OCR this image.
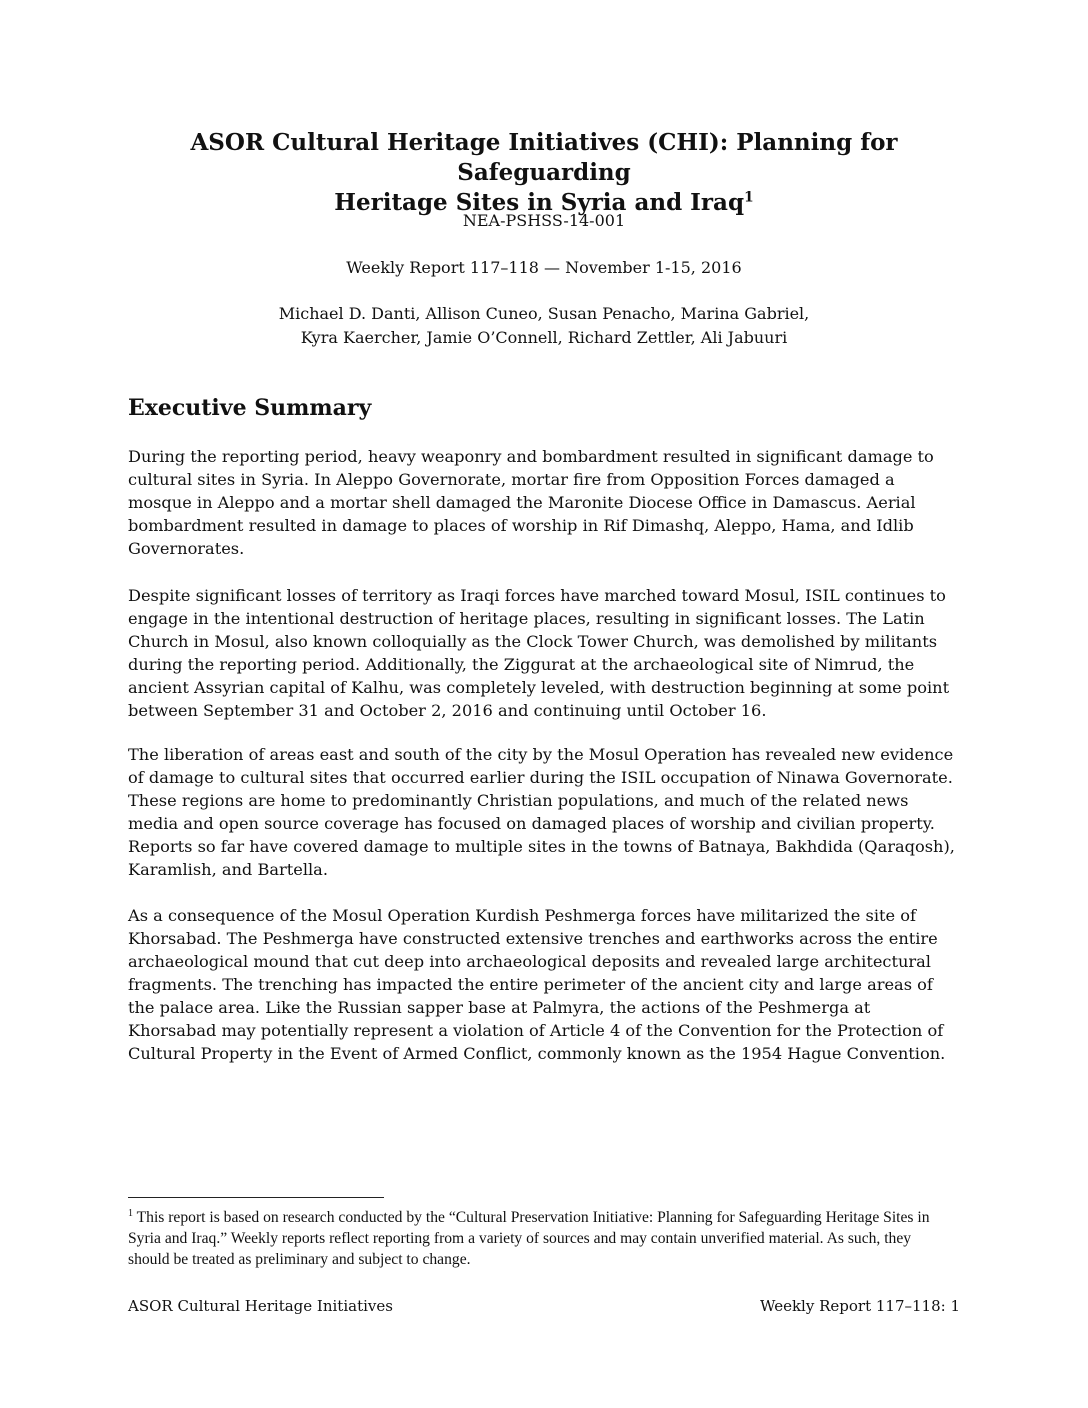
ASOR Cultural Heritage Initiatives (CHI): Planning for Safeguarding
Heritage Sites in Syria and Iraq$^1$
NEA-PSHSS-14-001
Weekly Report 117–118 — November 1-15, 2016
Michael D. Danti, Allison Cuneo, Susan Penacho, Marina Gabriel,
Kyra Kaercher, Jamie O’Connell, Richard Zettler, Ali Jabuuri
Executive Summary

During the reporting period, heavy weaponry and bombardment resulted in significant damage to cultural sites in Syria. In Aleppo Governorate, mortar fire from Opposition Forces damaged a mosque in Aleppo and a mortar shell damaged the Maronite Diocese Office in Damascus. Aerial bombardment resulted in damage to places of worship in Rif Dimashq, Aleppo, Hama, and Idlib Governorates.

Despite significant losses of territory as Iraqi forces have marched toward Mosul, ISIL continues to engage in the intentional destruction of heritage places, resulting in significant losses. The Latin Church in Mosul, also known colloquially as the Clock Tower Church, was demolished by militants during the reporting period. Additionally, the Ziggurat at the archaeological site of Nimrud, the ancient Assyrian capital of Kalhu, was completely leveled, with destruction beginning at some point between September 31 and October 2, 2016 and continuing until October 16.

The liberation of areas east and south of the city by the Mosul Operation has revealed new evidence of damage to cultural sites that occurred earlier during the ISIL occupation of Ninawa Governorate. These regions are home to predominantly Christian populations, and much of the related news media and open source coverage has focused on damaged places of worship and civilian property. Reports so far have covered damage to multiple sites in the towns of Batnaya, Bakhdida (Qaraqosh), Karamlish, and Bartella.

As a consequence of the Mosul Operation Kurdish Peshmerga forces have militarized the site of Khorsabad. The Peshmerga have constructed extensive trenches and earthworks across the entire archaeological mound that cut deep into archaeological deposits and revealed large architectural fragments. The trenching has impacted the entire perimeter of the ancient city and large areas of the palace area. Like the Russian sapper base at Palmyra, the actions of the Peshmerga at Khorsabad may potentially represent a violation of Article 4 of the Convention for the Protection of Cultural Property in the Event of Armed Conflict, commonly known as the 1954 Hague Convention.

$^1$ This report is based on research conducted by the “Cultural Preservation Initiative: Planning for Safeguarding Heritage Sites in Syria and Iraq.” Weekly reports reflect reporting from a variety of sources and may contain unverified material. As such, they should be treated as preliminary and subject to change.

ASOR Cultural Heritage Initiatives	Weekly Report 117–118: 1
